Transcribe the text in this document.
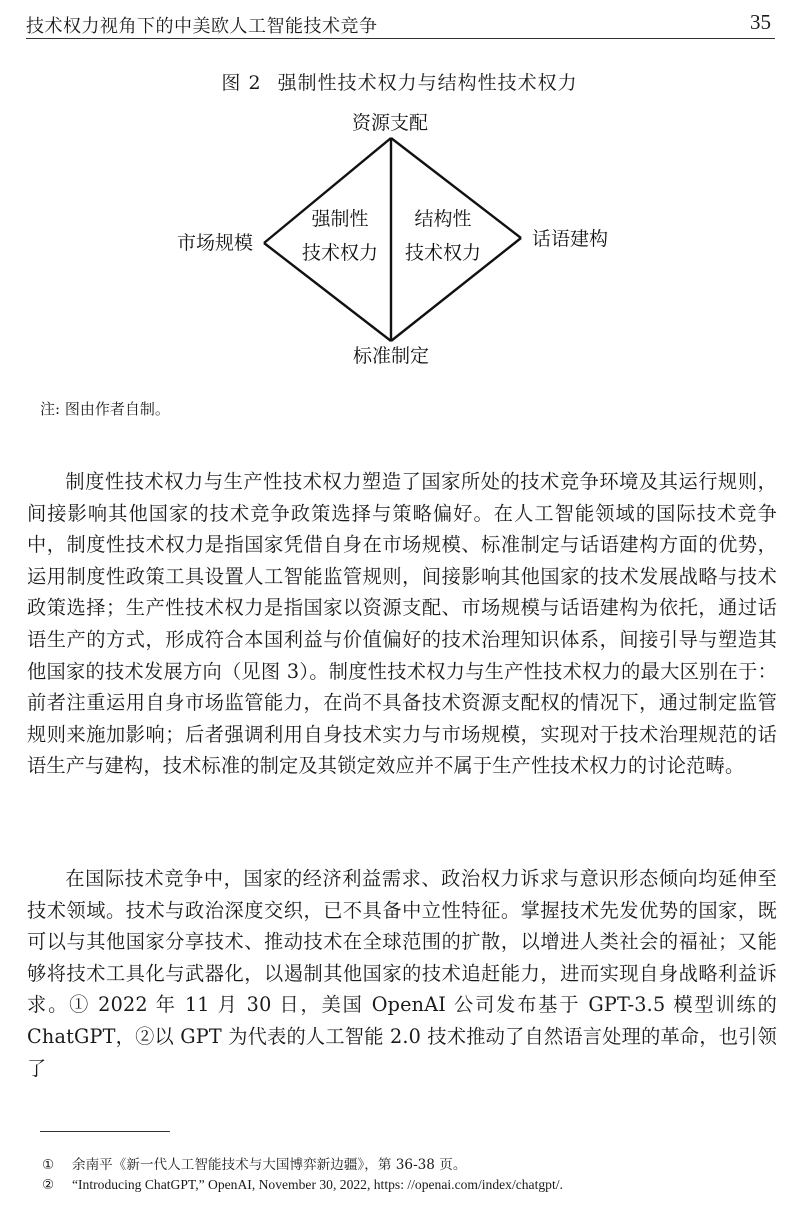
技术权力视角下的中美欧人工智能技术竞争	35
图 2 强制性技术权力与结构性技术权力
资源支配
市场规模	话语建构
标准制定
强制性
技术权力
结构性
技术权力
注: 图由作者自制。

制度性技术权力与生产性技术权力塑造了国家所处的技术竞争环境及其运行规则，间接影响其他国家的技术竞争政策选择与策略偏好。在人工智能领域的国际技术竞争中，制度性技术权力是指国家凭借自身在市场规模、标准制定与话语建构方面的优势，运用制度性政策工具设置人工智能监管规则，间接影响其他国家的技术发展战略与技术政策选择；生产性技术权力是指国家以资源支配、市场规模与话语建构为依托，通过话语生产的方式，形成符合本国利益与价值偏好的技术治理知识体系，间接引导与塑造其他国家的技术发展方向（见图 3）。制度性技术权力与生产性技术权力的最大区别在于：前者注重运用自身市场监管能力，在尚不具备技术资源支配权的情况下，通过制定监管规则来施加影响；后者强调利用自身技术实力与市场规模，实现对于技术治理规范的话语生产与建构，技术标准的制定及其锁定效应并不属于生产性技术权力的讨论范畴。

在国际技术竞争中，国家的经济利益需求、政治权力诉求与意识形态倾向均延伸至技术领域。技术与政治深度交织，已不具备中立性特征。掌握技术先发优势的国家，既可以与其他国家分享技术、推动技术在全球范围的扩散，以增进人类社会的福祉；又能够将技术工具化与武器化，以遏制其他国家的技术追赶能力，进而实现自身战略利益诉求。① 2022 年 11 月 30 日，美国 OpenAI 公司发布基于 GPT-3.5 模型训练的 ChatGPT，②以 GPT 为代表的人工智能 2.0 技术推动了自然语言处理的革命，也引领了

① 余南平《新一代人工智能技术与大国博弈新边疆》，第 36-38 页。
② “Introducing ChatGPT,” OpenAI, November 30, 2022, https: //openai.com/index/chatgpt/.
